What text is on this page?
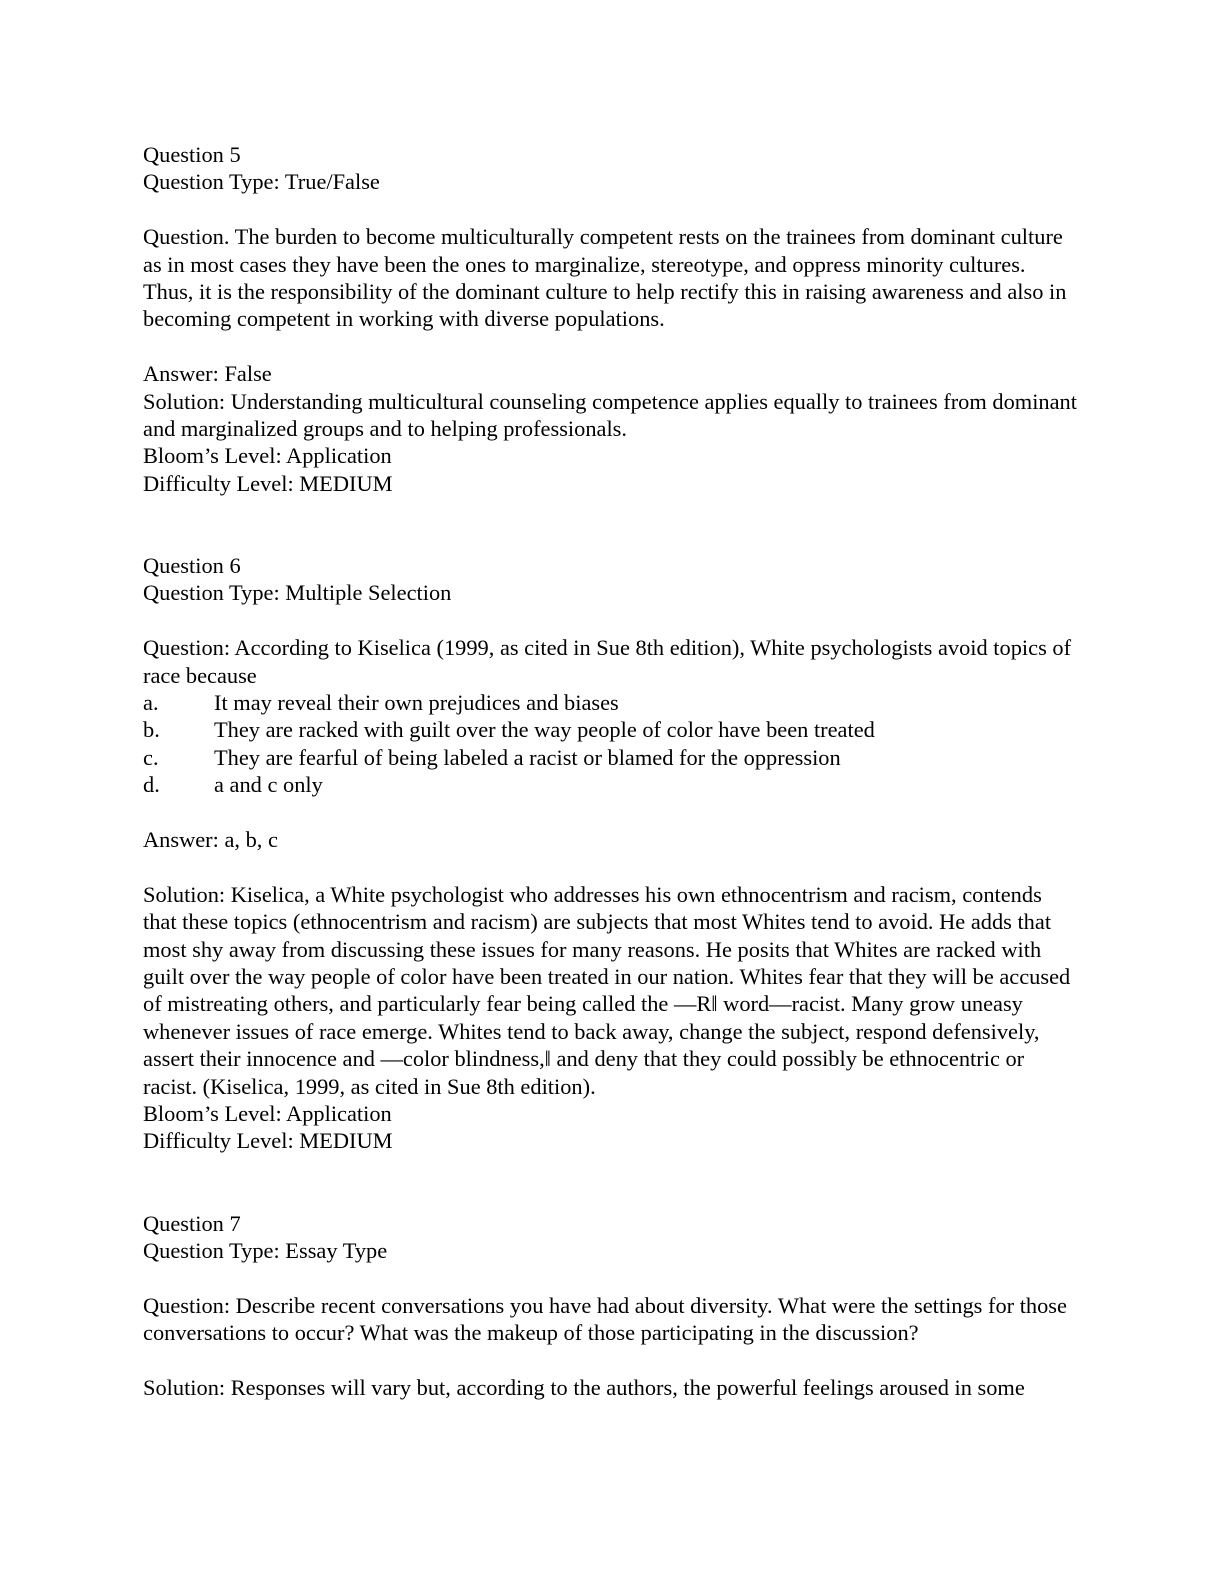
Question 5
Question Type: True/False
Question. The burden to become multiculturally competent rests on the trainees from dominant culture as in most cases they have been the ones to marginalize, stereotype, and oppress minority cultures. Thus, it is the responsibility of the dominant culture to help rectify this in raising awareness and also in becoming competent in working with diverse populations.
Answer: False
Solution: Understanding multicultural counseling competence applies equally to trainees from dominant and marginalized groups and to helping professionals.
Bloom’s Level: Application
Difficulty Level: MEDIUM
Question 6
Question Type: Multiple Selection
Question: According to Kiselica (1999, as cited in Sue 8th edition), White psychologists avoid topics of race because
a.	It may reveal their own prejudices and biases
b.	They are racked with guilt over the way people of color have been treated
c.	They are fearful of being labeled a racist or blamed for the oppression
d.	a and c only
Answer: a, b, c
Solution: Kiselica, a White psychologist who addresses his own ethnocentrism and racism, contends that these topics (ethnocentrism and racism) are subjects that most Whites tend to avoid. He adds that most shy away from discussing these issues for many reasons. He posits that Whites are racked with guilt over the way people of color have been treated in our nation. Whites fear that they will be accused of mistreating others, and particularly fear being called the —R‖ word—racist. Many grow uneasy whenever issues of race emerge. Whites tend to back away, change the subject, respond defensively, assert their innocence and —color blindness,‖ and deny that they could possibly be ethnocentric or racist. (Kiselica, 1999, as cited in Sue 8th edition).
Bloom’s Level: Application
Difficulty Level: MEDIUM
Question 7
Question Type: Essay Type
Question: Describe recent conversations you have had about diversity. What were the settings for those conversations to occur? What was the makeup of those participating in the discussion?
Solution: Responses will vary but, according to the authors, the powerful feelings aroused in some
